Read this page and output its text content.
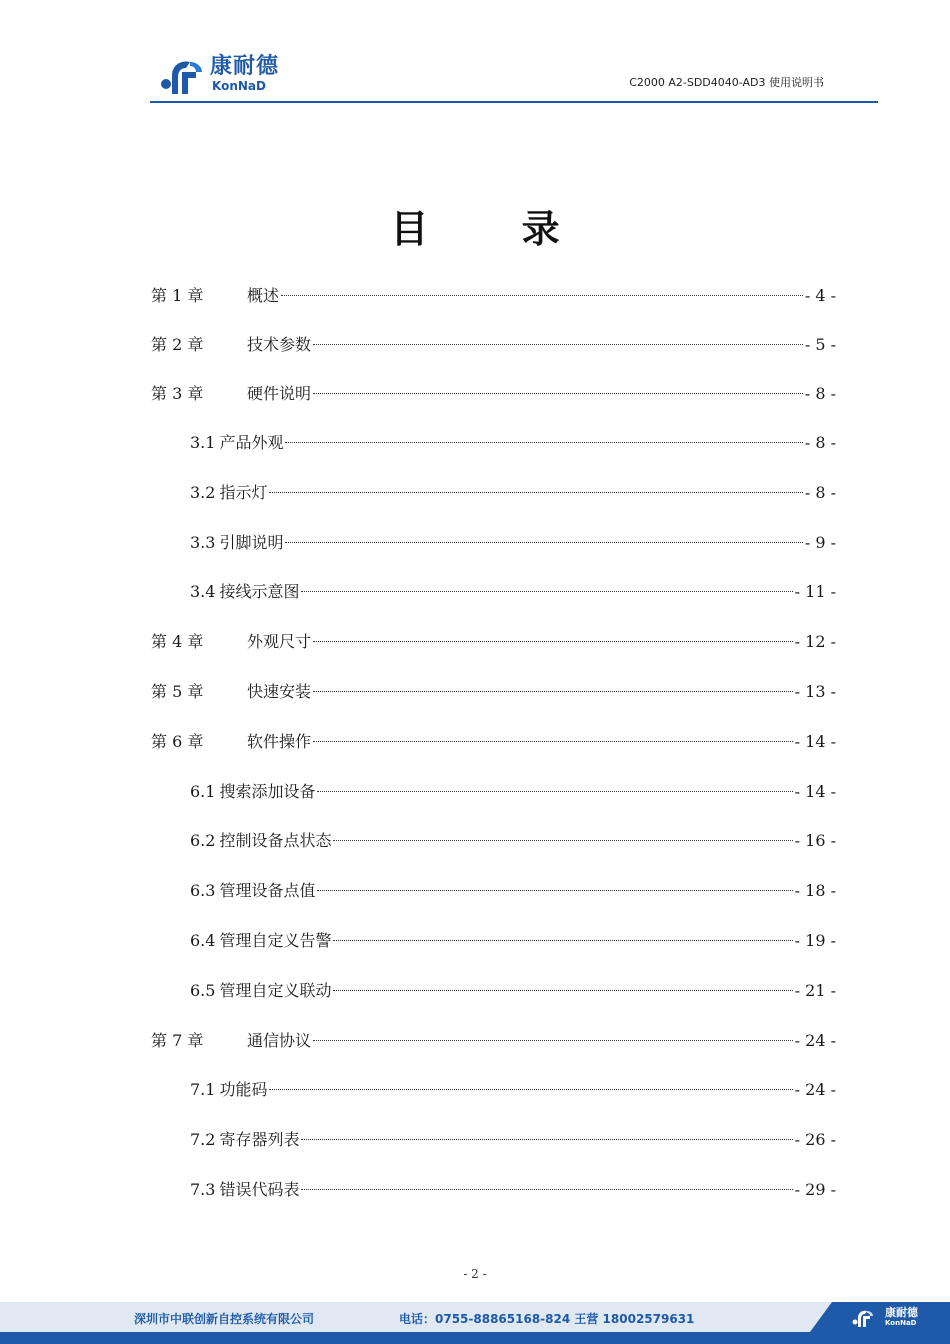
康耐德
KonNaD	C2000 A2-SDD4040-AD3 使用说明书
目 录
第 1 章	概述	- 4 -
第 2 章	技术参数	- 5 -
第 3 章	硬件说明	- 8 -
3.1 产品外观	- 8 -
3.2 指示灯	- 8 -
3.3 引脚说明	- 9 -
3.4 接线示意图	- 11 -
第 4 章	外观尺寸	- 12 -
第 5 章	快速安装	- 13 -
第 6 章	软件操作	- 14 -
6.1 搜索添加设备	- 14 -
6.2 控制设备点状态	- 16 -
6.3 管理设备点值	- 18 -
6.4 管理自定义告警	- 19 -
6.5 管理自定义联动	- 21 -
第 7 章	通信协议	- 24 -
7.1 功能码	- 24 -
7.2 寄存器列表	- 26 -
7.3 错误代码表	- 29 -
- 2 -
深圳市中联创新自控系统有限公司	电话：0755-88865168-824 王营 18002579631	康耐德
KonNaD
